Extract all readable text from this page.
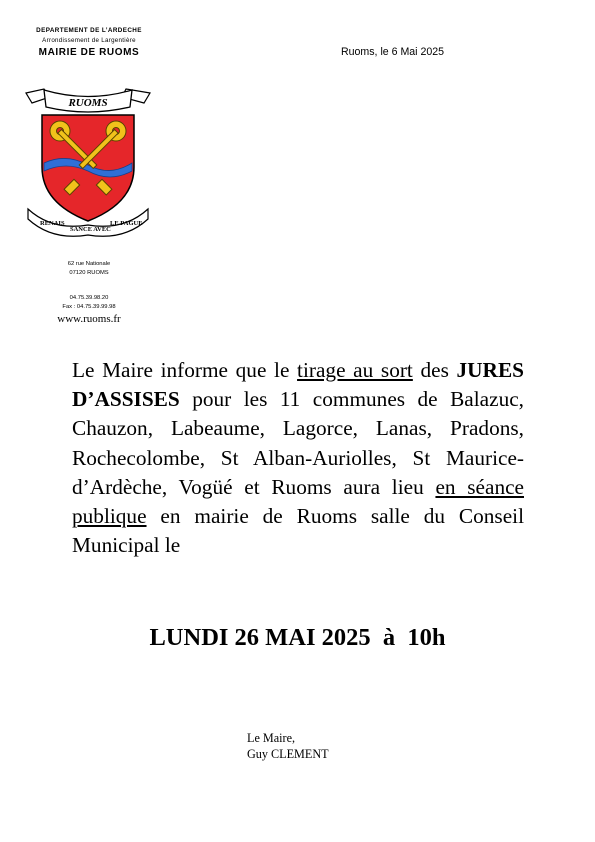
DEPARTEMENT DE L’ARDECHE
Arrondissement de Largentière
MAIRIE DE RUOMS	Ruoms, le 6 Mai 2025
RUOMS
RENAIS
SANCE AVEC
LE PAGUE
62 rue Nationale
07120 RUOMS
04.75.39.98.20
Fax : 04.75.39.99.98
www.ruoms.fr
Le Maire informe que le tirage au sort des JURES D’ASSISES pour les 11 communes de Balazuc, Chauzon, Labeaume, Lagorce, Lanas, Pradons, Rochecolombe, St Alban-Auriolles, St Maurice-d’Ardèche, Vogüé et Ruoms aura lieu en séance publique en mairie de Ruoms salle du Conseil Municipal le
LUNDI 26 MAI 2025  à  10h
Le Maire,
Guy CLEMENT
